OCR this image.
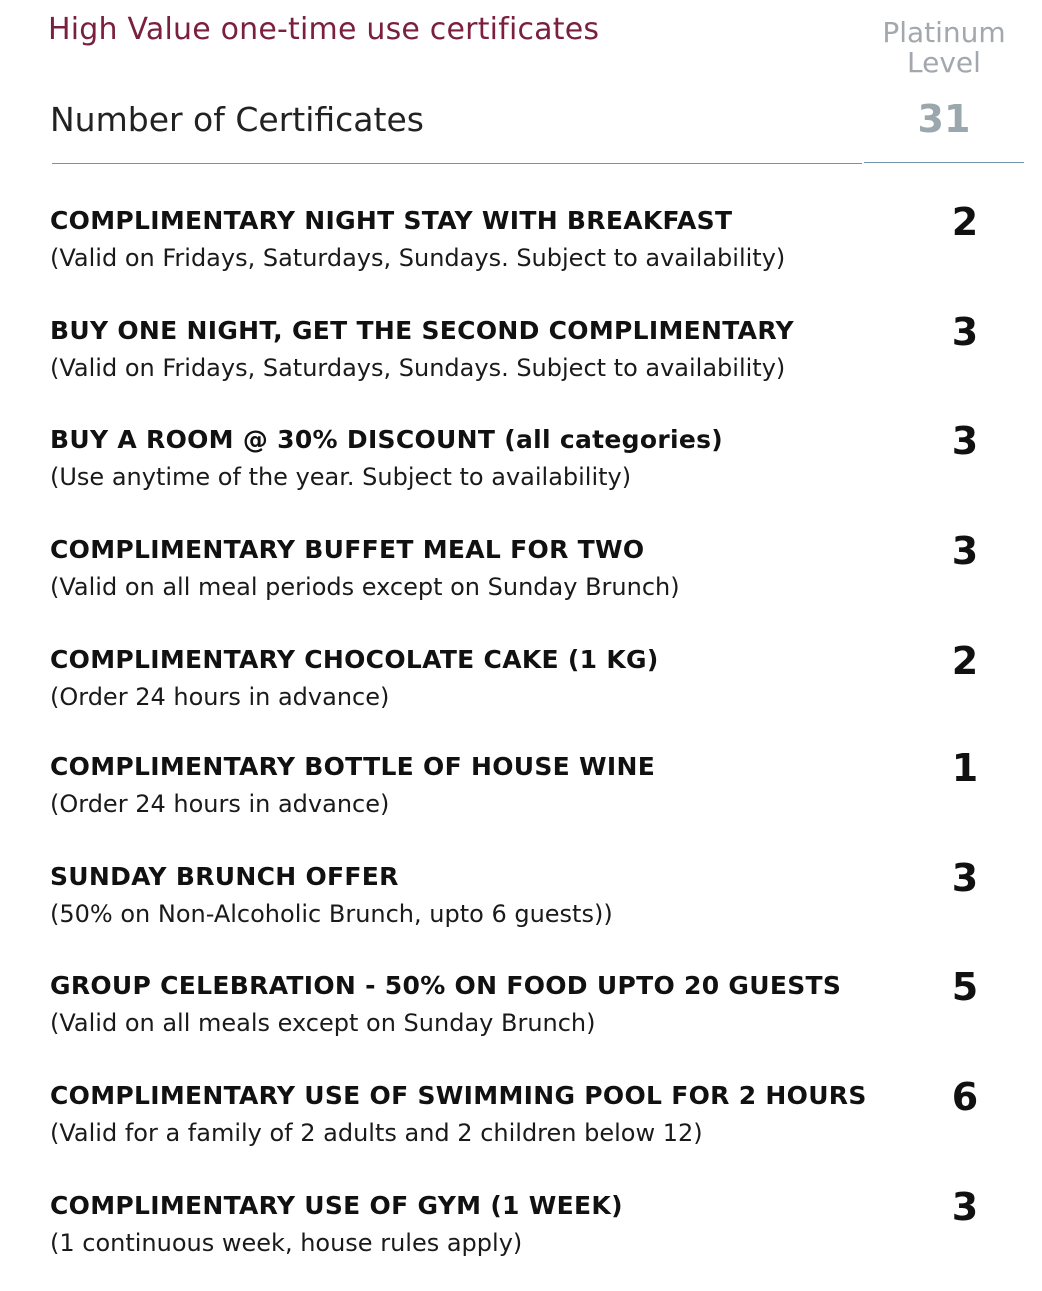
High Value one-time use certificates	Platinum Level
Number of Certificates	31
COMPLIMENTARY NIGHT STAY WITH BREAKFAST
(Valid on Fridays, Saturdays, Sundays. Subject to availability)
2
BUY ONE NIGHT, GET THE SECOND COMPLIMENTARY
(Valid on Fridays, Saturdays, Sundays. Subject to availability)
3
BUY A ROOM @ 30% DISCOUNT (all categories)
(Use anytime of the year. Subject to availability)
3
COMPLIMENTARY BUFFET MEAL FOR TWO
(Valid on all meal periods except on Sunday Brunch)
3
COMPLIMENTARY CHOCOLATE CAKE (1 KG)
(Order 24 hours in advance)
2
COMPLIMENTARY BOTTLE OF HOUSE WINE
(Order 24 hours in advance)
1
SUNDAY BRUNCH OFFER
(50% on Non-Alcoholic Brunch, upto 6 guests))
3
GROUP CELEBRATION - 50% ON FOOD UPTO 20 GUESTS
(Valid on all meals except on Sunday Brunch)
5
COMPLIMENTARY USE OF SWIMMING POOL FOR 2 HOURS
(Valid for a family of 2 adults and 2 children below 12)
6
COMPLIMENTARY USE OF GYM (1 WEEK)
(1 continuous week, house rules apply)
3
